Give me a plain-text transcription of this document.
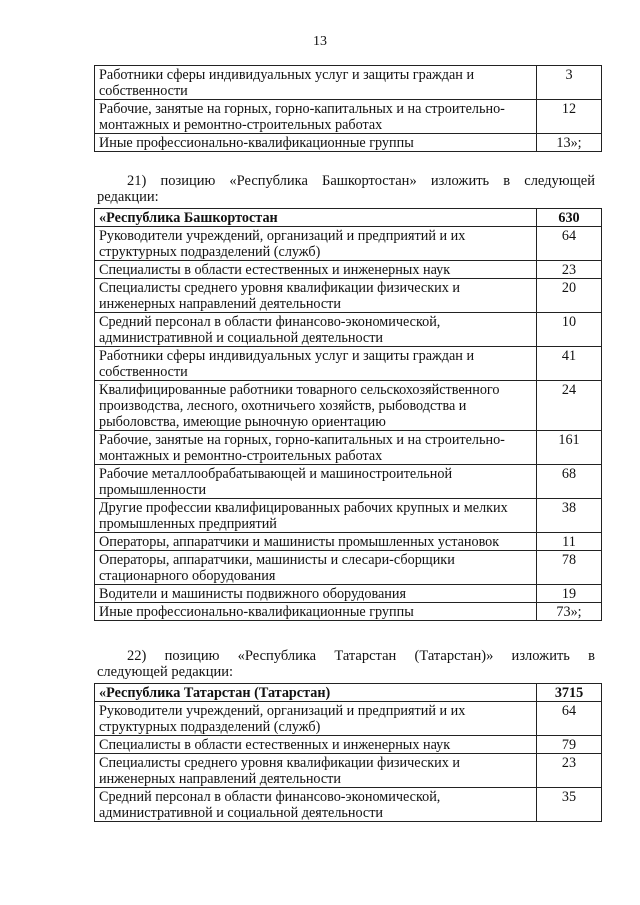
13
Работники сферы индивидуальных услуг и защиты граждан и собственности	3
Рабочие, занятые на горных, горно-капитальных и на строительно-монтажных и ремонтно-строительных работах	12
Иные профессионально-квалификационные группы	13»;
21) позицию «Республика Башкортостан» изложить в следующей
редакции:
«Республика Башкортостан	630
Руководители учреждений, организаций и предприятий и их структурных подразделений (служб)	64
Специалисты в области естественных и инженерных наук	23
Специалисты среднего уровня квалификации физических и инженерных направлений деятельности	20
Средний персонал в области финансово-экономической, административной и социальной деятельности	10
Работники сферы индивидуальных услуг и защиты граждан и собственности	41
Квалифицированные работники товарного сельскохозяйственного производства, лесного, охотничьего хозяйств, рыбоводства и рыболовства, имеющие рыночную ориентацию	24
Рабочие, занятые на горных, горно-капитальных и на строительно-монтажных и ремонтно-строительных работах	161
Рабочие металлообрабатывающей и машиностроительной промышленности	68
Другие профессии квалифицированных рабочих крупных и мелких промышленных предприятий	38
Операторы, аппаратчики и машинисты промышленных установок	11
Операторы, аппаратчики, машинисты и слесари-сборщики стационарного оборудования	78
Водители и машинисты подвижного оборудования	19
Иные профессионально-квалификационные группы	73»;
22) позицию «Республика Татарстан (Татарстан)» изложить в
следующей редакции:
«Республика Татарстан (Татарстан)	3715
Руководители учреждений, организаций и предприятий и их структурных подразделений (служб)	64
Специалисты в области естественных и инженерных наук	79
Специалисты среднего уровня квалификации физических и инженерных направлений деятельности	23
Средний персонал в области финансово-экономической, административной и социальной деятельности	35
